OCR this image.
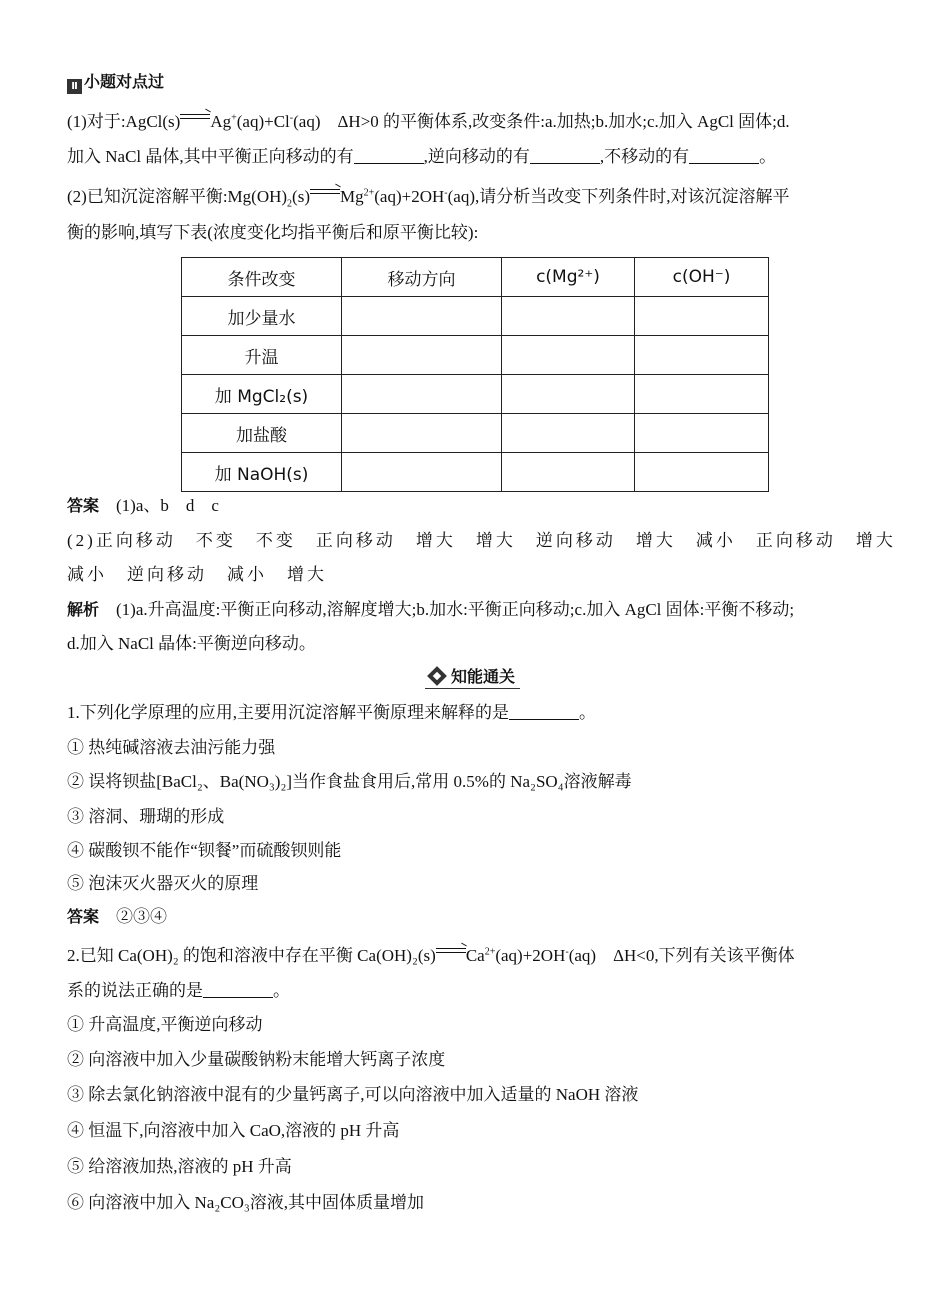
Ⅱ 小题对点过
(1)对于:AgCl(s)→Ag+(aq)+Cl-(aq)　ΔH>0 的平衡体系,改变条件:a.加热;b.加水;c.加入 AgCl 固体;d.
加入 NaCl 晶体,其中平衡正向移动的有	,逆向移动的有	,不移动的有	。
(2)已知沉淀溶解平衡$:Mg(OH)_2(s)\to Mg^{2+}(aq)+2OH^-(aq)$,请分析当改变下列条件时,对该沉淀溶解平
衡的影响,填写下表(浓度变化均指平衡后和原平衡比较):
条件改变	移动方向	c(Mg²⁺)	c(OH⁻)
加少量水			
升温			
加 MgCl₂(s)			
加盐酸			
加 NaOH(s)			
答案　 (1)a、b　d　c
(2)正向移动　不变　不变　正向移动　增大　增大　逆向移动　增大　减小　正向移动　增大
减小　逆向移动　减小　增大
解析　 (1)a.升高温度:平衡正向移动,溶解度增大;b.加水:平衡正向移动;c.加入 AgCl 固体:平衡不移动;
d.加入 NaCl 晶体:平衡逆向移动。
知能通关
1.下列化学原理的应用,主要用沉淀溶解平衡原理来解释的是	。
① 热纯碱溶液去油污能力强
② 误将钡盐[BaCl₂、Ba(NO₃)₂]当作食盐食用后,常用 0.5%的 Na₂SO₄溶液解毒
③ 溶洞、珊瑚的形成
④ 碳酸钡不能作“钡餐”而硫酸钡则能
⑤ 泡沫灭火器灭火的原理
答案　 ②③④
2.已知 Ca(OH)₂ 的饱和溶液中存在平衡 $Ca(OH)_2(s)\to Ca^{2+}(aq)+2OH^-(aq)$　ΔH<0,下列有关该平衡体
系的说法正确的是	。
① 升高温度,平衡逆向移动
② 向溶液中加入少量碳酸钠粉末能增大钙离子浓度
③ 除去氯化钠溶液中混有的少量钙离子,可以向溶液中加入适量的 NaOH 溶液
④ 恒温下,向溶液中加入 CaO,溶液的 pH 升高
⑤ 给溶液加热,溶液的 pH 升高
⑥ 向溶液中加入 Na₂CO₃溶液,其中固体质量增加
